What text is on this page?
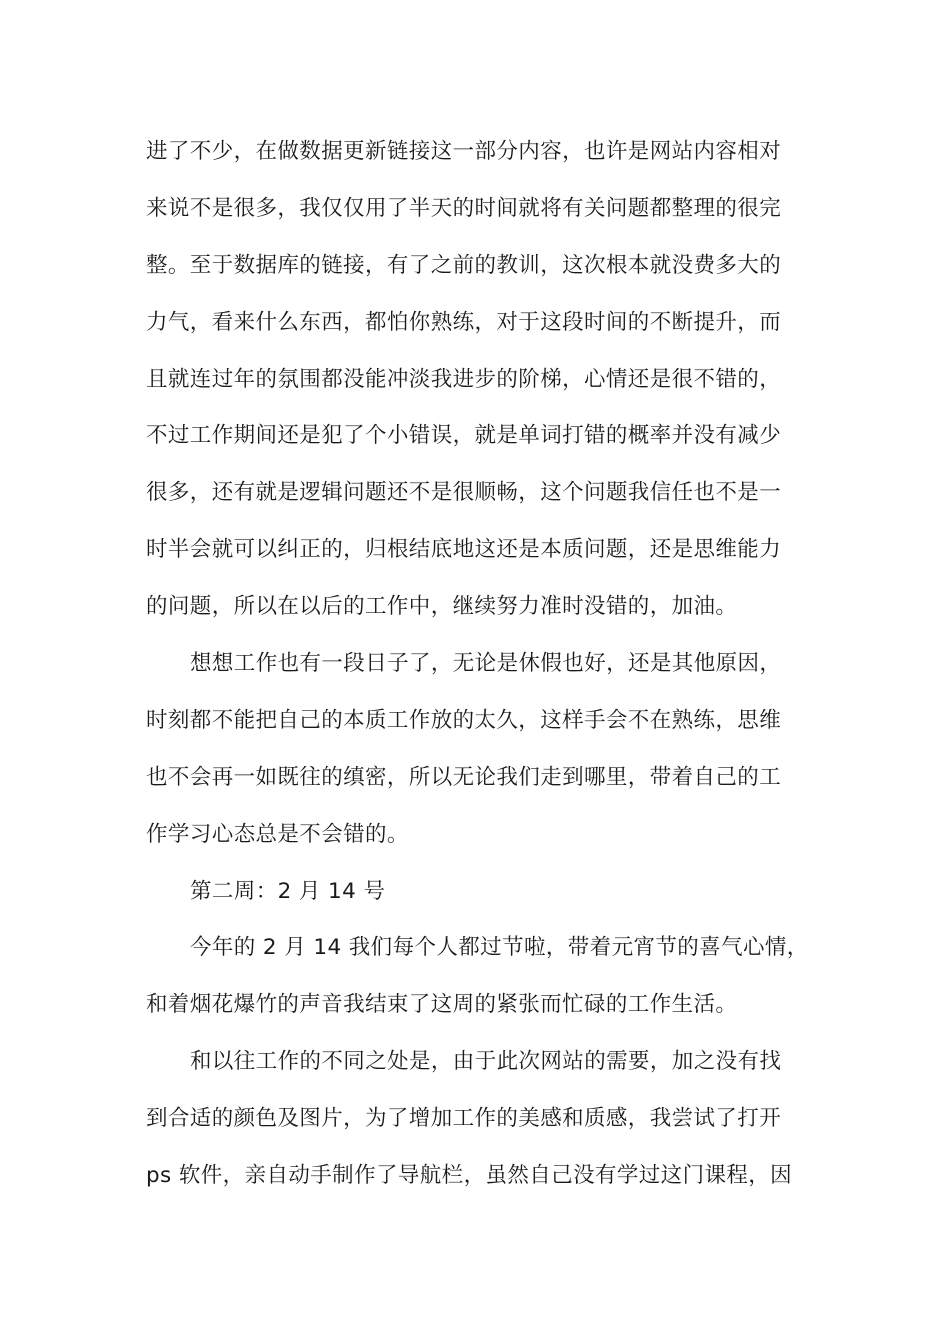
进了不少，在做数据更新链接这一部分内容，也许是网站内容相对
来说不是很多，我仅仅用了半天的时间就将有关问题都整理的很完
整。至于数据库的链接，有了之前的教训，这次根本就没费多大的
力气，看来什么东西，都怕你熟练，对于这段时间的不断提升，而
且就连过年的氛围都没能冲淡我进步的阶梯，心情还是很不错的，
不过工作期间还是犯了个小错误，就是单词打错的概率并没有减少
很多，还有就是逻辑问题还不是很顺畅，这个问题我信任也不是一
时半会就可以纠正的，归根结底地这还是本质问题，还是思维能力
的问题，所以在以后的工作中，继续努力准时没错的，加油。
想想工作也有一段日子了，无论是休假也好，还是其他原因，
时刻都不能把自己的本质工作放的太久，这样手会不在熟练，思维
也不会再一如既往的缜密，所以无论我们走到哪里，带着自己的工
作学习心态总是不会错的。
第二周：2 月 14 号
今年的 2 月 14 我们每个人都过节啦，带着元宵节的喜气心情，
和着烟花爆竹的声音我结束了这周的紧张而忙碌的工作生活。
和以往工作的不同之处是，由于此次网站的需要，加之没有找
到合适的颜色及图片，为了增加工作的美感和质感，我尝试了打开
ps 软件，亲自动手制作了导航栏，虽然自己没有学过这门课程，因
